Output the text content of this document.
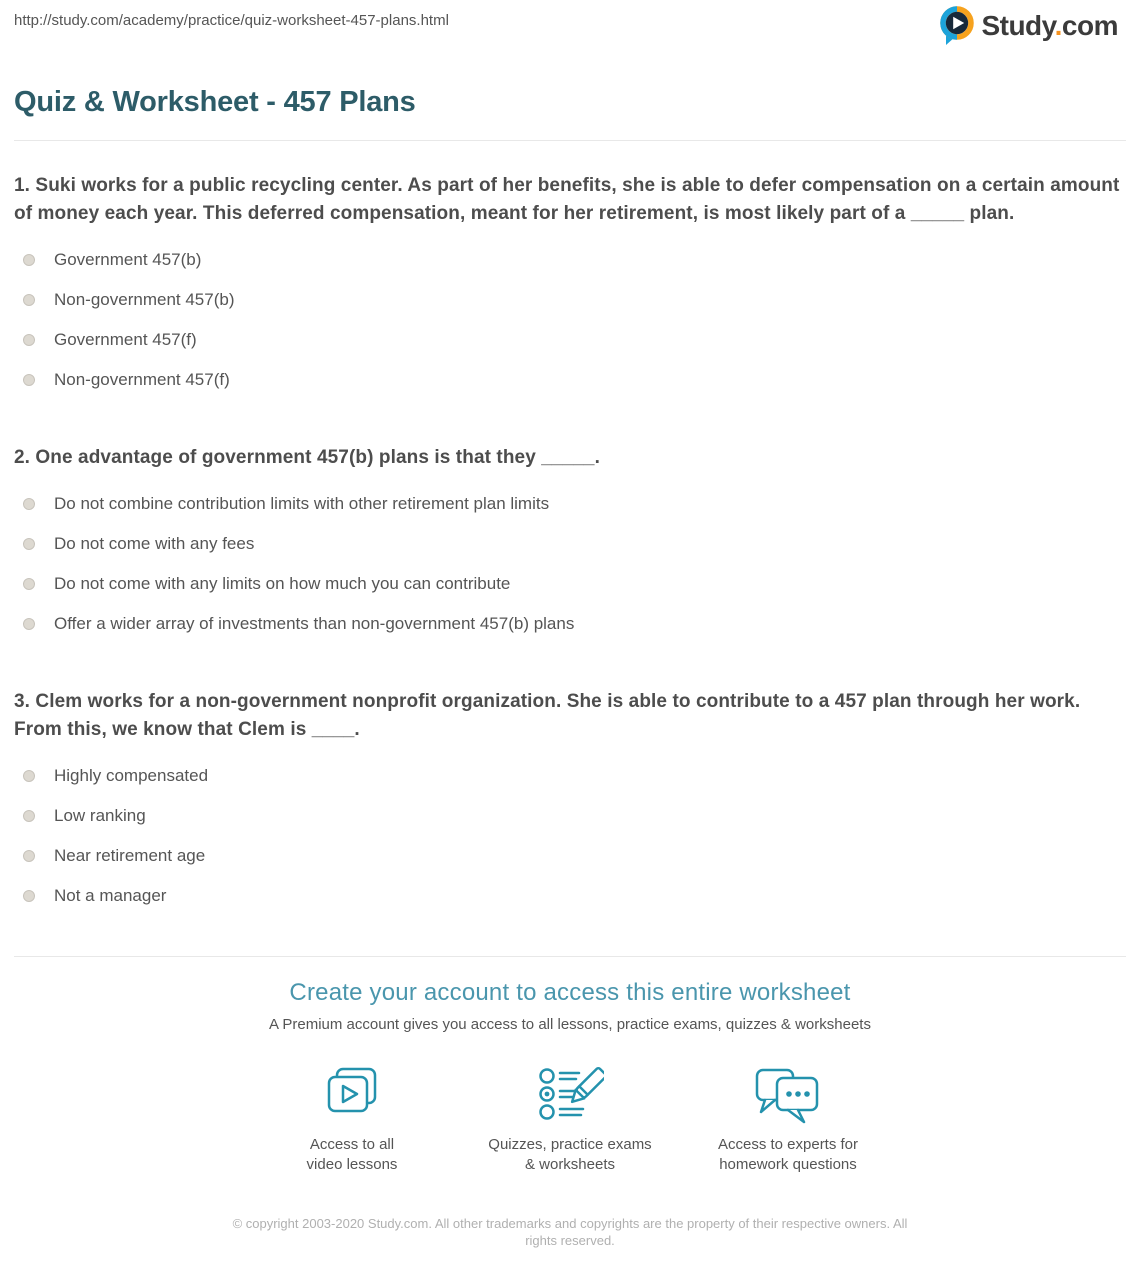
http://study.com/academy/practice/quiz-worksheet-457-plans.html	Study.com
Quiz & Worksheet - 457 Plans
1. Suki works for a public recycling center. As part of her benefits, she is able to defer compensation on a certain amount of money each year. This deferred compensation, meant for her retirement, is most likely part of a _____ plan.
Government 457(b)
Non-government 457(b)
Government 457(f)
Non-government 457(f)
2. One advantage of government 457(b) plans is that they _____.
Do not combine contribution limits with other retirement plan limits
Do not come with any fees
Do not come with any limits on how much you can contribute
Offer a wider array of investments than non-government 457(b) plans
3. Clem works for a non-government nonprofit organization. She is able to contribute to a 457 plan through her work. From this, we know that Clem is ____.
Highly compensated
Low ranking
Near retirement age
Not a manager
Create your account to access this entire worksheet
A Premium account gives you access to all lessons, practice exams, quizzes & worksheets
Access to all
video lessons
Quizzes, practice exams
& worksheets
Access to experts for
homework questions
© copyright 2003-2020 Study.com. All other trademarks and copyrights are the property of their respective owners. All rights reserved.
